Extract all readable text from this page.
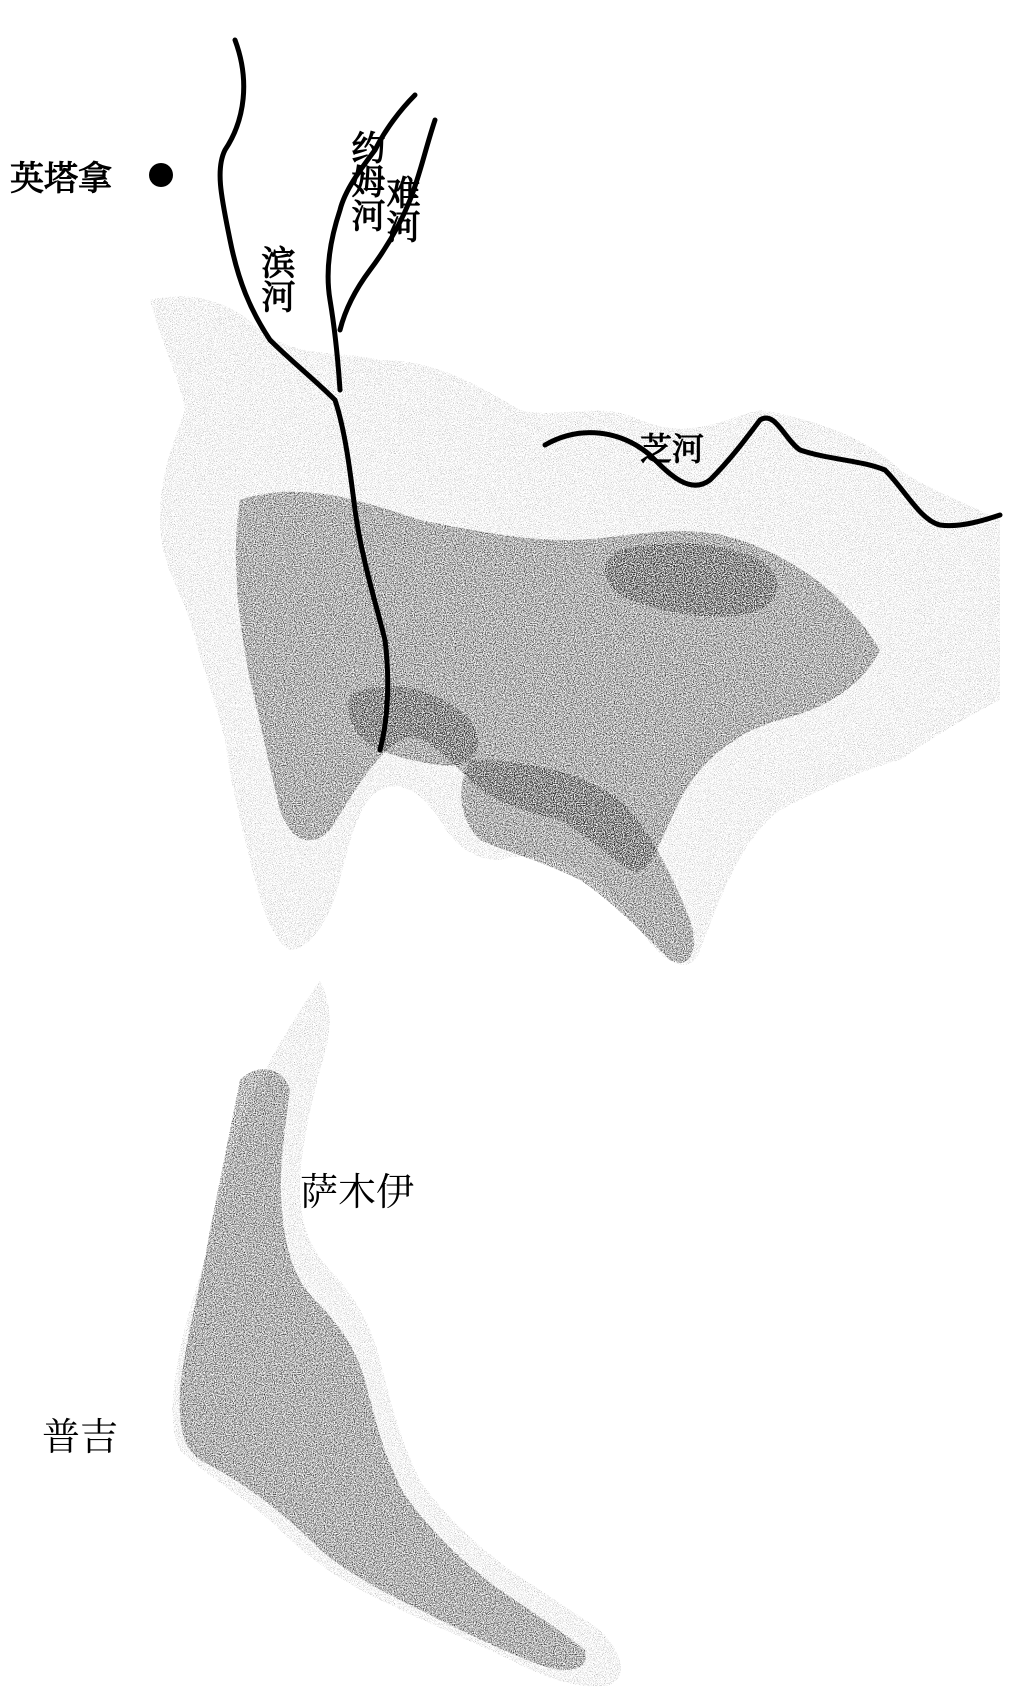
英塔拿	约姆河
滨河
难河
芝河
萨木伊
普吉
